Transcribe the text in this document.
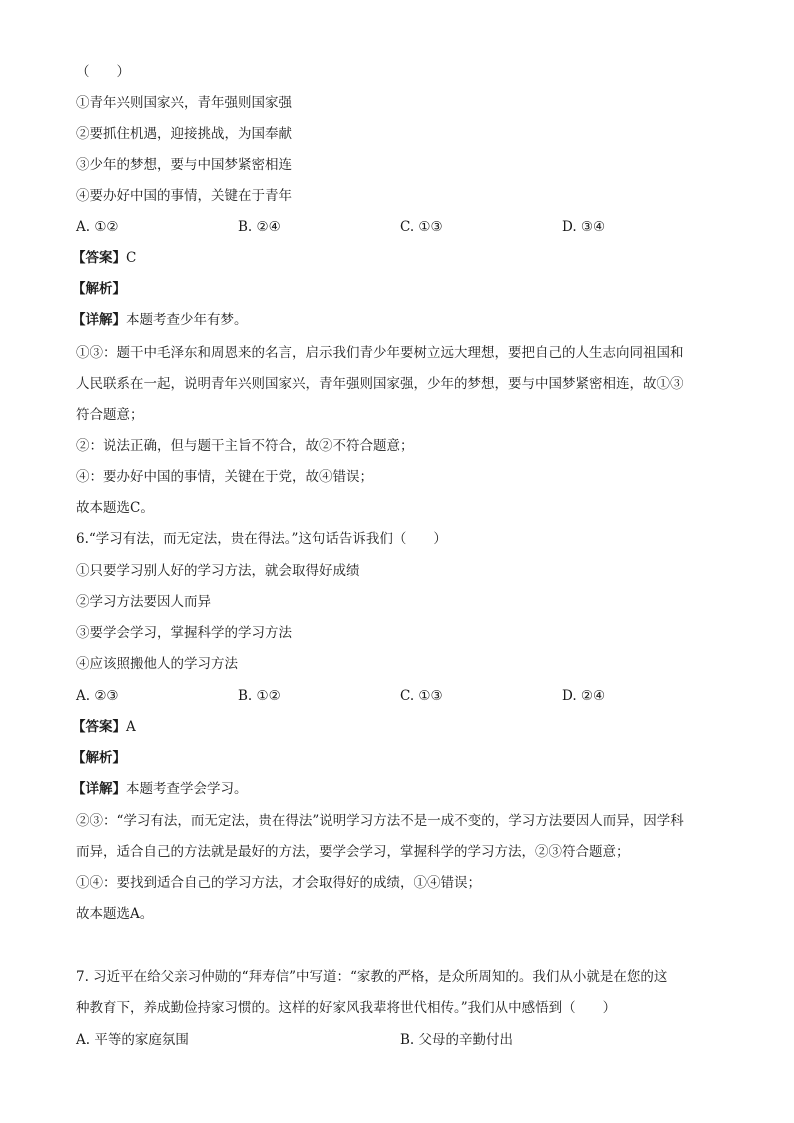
（　　）
①青年兴则国家兴，青年强则国家强
②要抓住机遇，迎接挑战，为国奉献
③少年的梦想，要与中国梦紧密相连
④要办好中国的事情，关键在于青年
A. ①②	B. ②④	C. ①③	D. ③④
【答案】C
【解析】
【详解】本题考查少年有梦。
①③：题干中毛泽东和周恩来的名言，启示我们青少年要树立远大理想，要把自己的人生志向同祖国和
人民联系在一起，说明青年兴则国家兴，青年强则国家强，少年的梦想，要与中国梦紧密相连，故①③
符合题意；
②：说法正确，但与题干主旨不符合，故②不符合题意；
④：要办好中国的事情，关键在于党，故④错误；
故本题选C。
6.“学习有法，而无定法，贵在得法。”这句话告诉我们（　　）
①只要学习别人好的学习方法，就会取得好成绩
②学习方法要因人而异
③要学会学习，掌握科学的学习方法
④应该照搬他人的学习方法
A. ②③	B. ①②	C. ①③	D. ②④
【答案】A
【解析】
【详解】本题考查学会学习。
②③：“学习有法，而无定法，贵在得法”说明学习方法不是一成不变的，学习方法要因人而异，因学科
而异，适合自己的方法就是最好的方法，要学会学习，掌握科学的学习方法，②③符合题意；
①④：要找到适合自己的学习方法，才会取得好的成绩，①④错误；
故本题选A。
7. 习近平在给父亲习仲勋的“拜寿信”中写道：“家教的严格，是众所周知的。我们从小就是在您的这
种教育下，养成勤俭持家习惯的。这样的好家风我辈将世代相传。”我们从中感悟到（　　）
A. 平等的家庭氛围	B. 父母的辛勤付出
